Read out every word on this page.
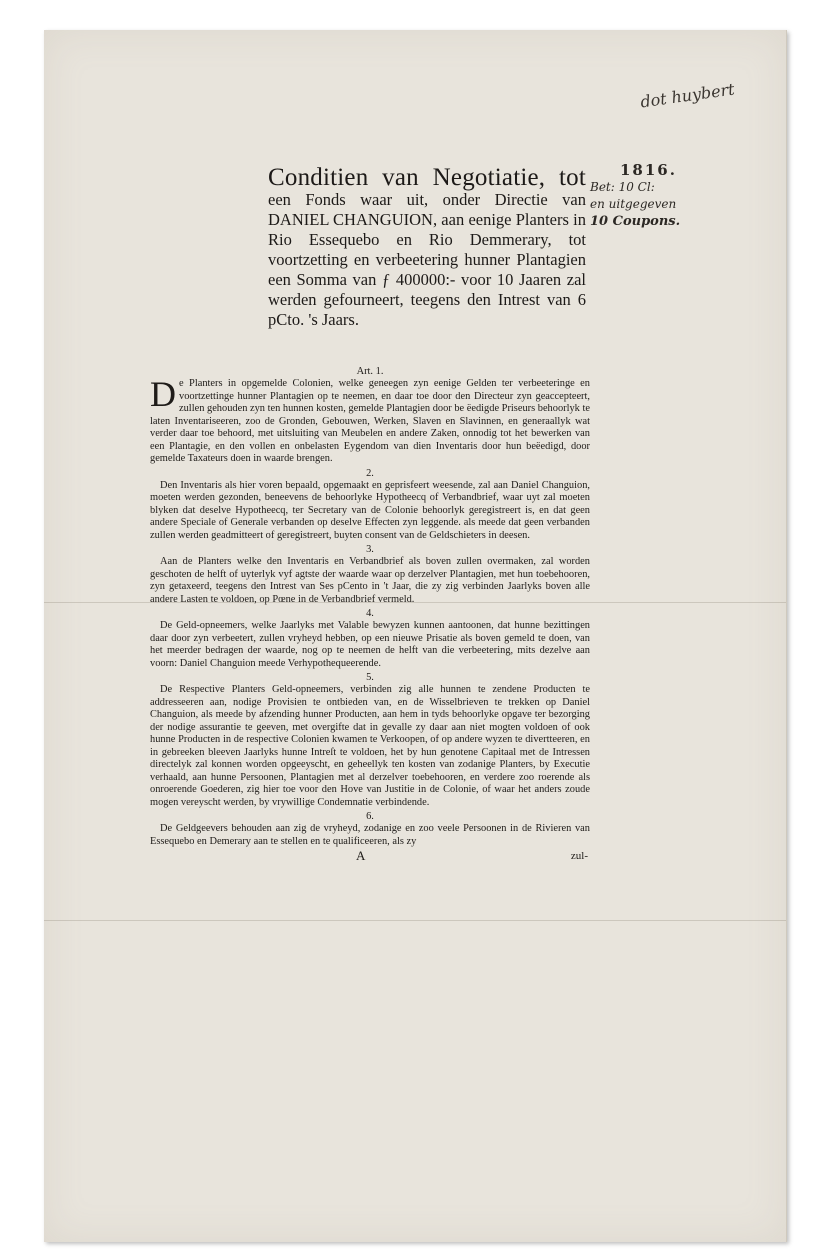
dot huybert
1816.
Bet: 10 Cl:
en uitgegeven
10 Coupons.
Conditien van Negotiatie, tot een Fonds waar uit, onder Directie van DANIEL CHANGUION, aan eenige Planters in Rio Essequebo en Rio Demmerary, tot voortzetting en verbeetering hunner Plantagien een Somma van ƒ 400000:- voor 10 Jaaren zal werden gefourneert, teegens den Intrest van 6 pCto. 's Jaars.

Art. 1.

De Planters in opgemelde Colonien, welke geneegen zyn eenige Gelden ter verbeeteringe en voortzettinge hunner Plantagien op te neemen, en daar toe door den Directeur zyn geaccepteert, zullen gehouden zyn ten hunnen kosten, gemelde Plantagien door be ëedigde Priseurs behoorlyk te laten Inventariseeren, zoo de Gronden, Gebouwen, Werken, Slaven en Slavinnen, en generaallyk wat verder daar toe behoord, met uitsluiting van Meubelen en andere Zaken, onnodig tot het bewerken van een Plantagie, en den vollen en onbelasten Eygendom van dien Inventaris door hun beëedigd, door gemelde Taxateurs doen in waarde brengen.

2.

Den Inventaris als hier voren bepaald, opgemaakt en geprisfeert weesende, zal aan Daniel Changuion, moeten werden gezonden, beneevens de behoorlyke Hypotheecq of Verbandbrief, waar uyt zal moeten blyken dat deselve Hypotheecq, ter Secretary van de Colonie behoorlyk geregistreert is, en dat geen andere Speciale of Generale verbanden op deselve Effecten zyn leggende. als meede dat geen verbanden zullen werden geadmitteert of geregistreert, buyten consent van de Geldschieters in deesen.

3.

Aan de Planters welke den Inventaris en Verbandbrief als boven zullen overmaken, zal worden geschoten de helft of uyterlyk vyf agtste der waarde waar op derzelver Plantagien, met hun toebehooren, zyn getaxeerd, teegens den Intrest van Ses pCento in 't Jaar, die zy zig verbinden Jaarlyks boven alle andere Lasten te voldoen, op Pœne in de Verbandbrief vermeld.

4.

De Geld-opneemers, welke Jaarlyks met Valable bewyzen kunnen aantoonen, dat hunne bezittingen daar door zyn verbeetert, zullen vryheyd hebben, op een nieuwe Prisatie als boven gemeld te doen, van het meerder bedragen der waarde, nog op te neemen de helft van die verbeetering, mits dezelve aan voorn: Daniel Changuion meede Verhypothequeerende.

5.

De Respective Planters Geld-opneemers, verbinden zig alle hunnen te zendene Producten te addresseeren aan, nodige Provisien te ontbieden van, en de Wisselbrieven te trekken op Daniel Changuion, als meede by afzending hunner Producten, aan hem in tyds behoorlyke opgave ter bezorging der nodige assurantie te geeven, met overgifte dat in gevalle zy daar aan niet mogten voldoen of ook hunne Producten in de respective Colonien kwamen te Verkoopen, of op andere wyzen te divertteeren, en in gebreeken bleeven Jaarlyks hunne Intreſt te voldoen, het by hun genotene Capitaal met de Intressen directelyk zal konnen worden opgeeyscht, en geheellyk ten kosten van zodanige Planters, by Executie verhaald, aan hunne Persoonen, Plantagien met al derzelver toebehooren, en verdere zoo roerende als onroerende Goederen, zig hier toe voor den Hove van Justitie in de Colonie, of waar het anders zoude mogen vereyscht werden, by vrywillige Condemnatie verbindende.

6.

De Geldgeevers behouden aan zig de vryheyd, zodanige en zoo veele Persoonen in de Rivieren van Essequebo en Demerary aan te stellen en te qualificeeren, als zy

A	zul-
